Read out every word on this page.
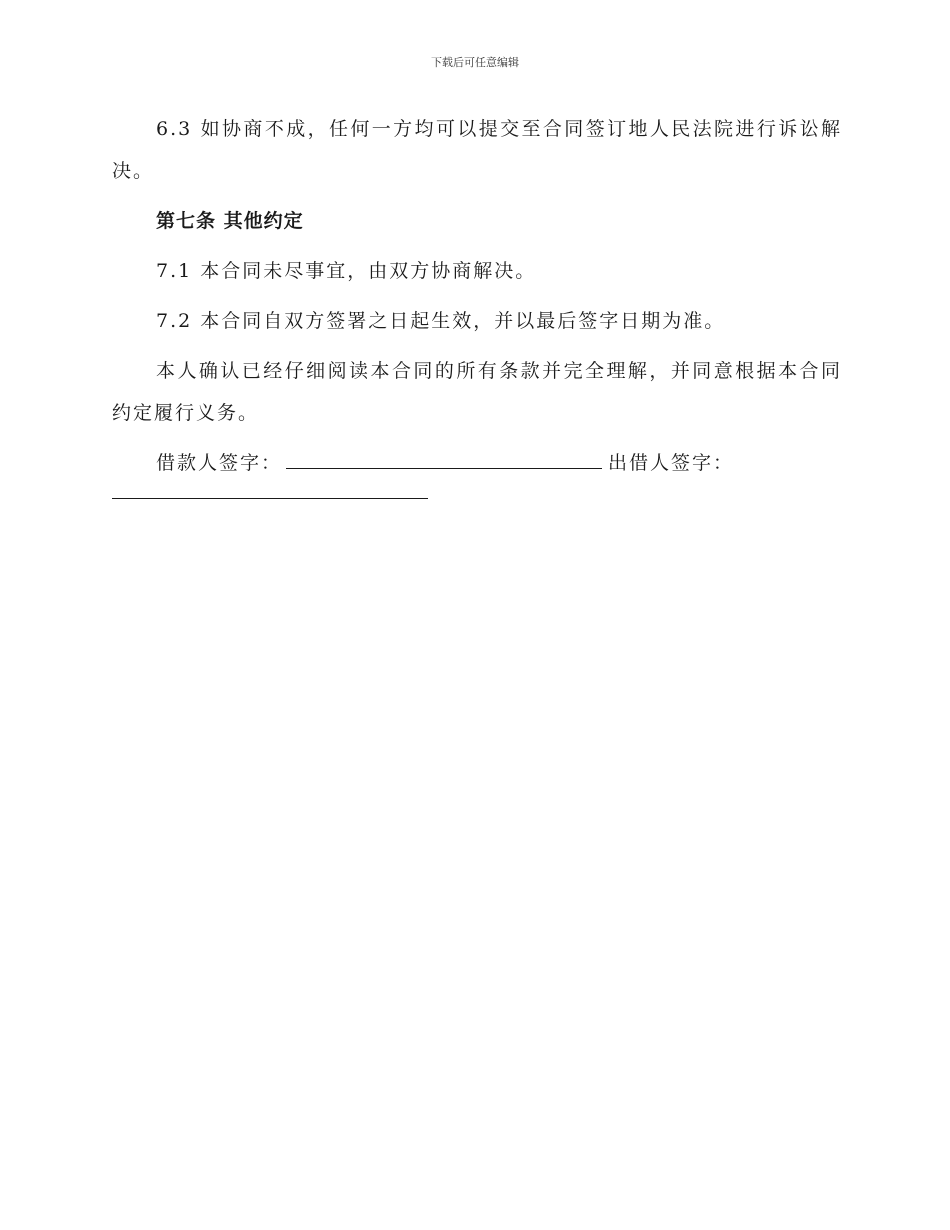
下载后可任意编辑

6.3 如协商不成，任何一方均可以提交至合同签订地人民法院进行诉讼解决。

第七条 其他约定

7.1 本合同未尽事宜，由双方协商解决。

7.2 本合同自双方签署之日起生效，并以最后签字日期为准。

本人确认已经仔细阅读本合同的所有条款并完全理解，并同意根据本合同约定履行义务。

借款人签字：	出借人签字：
